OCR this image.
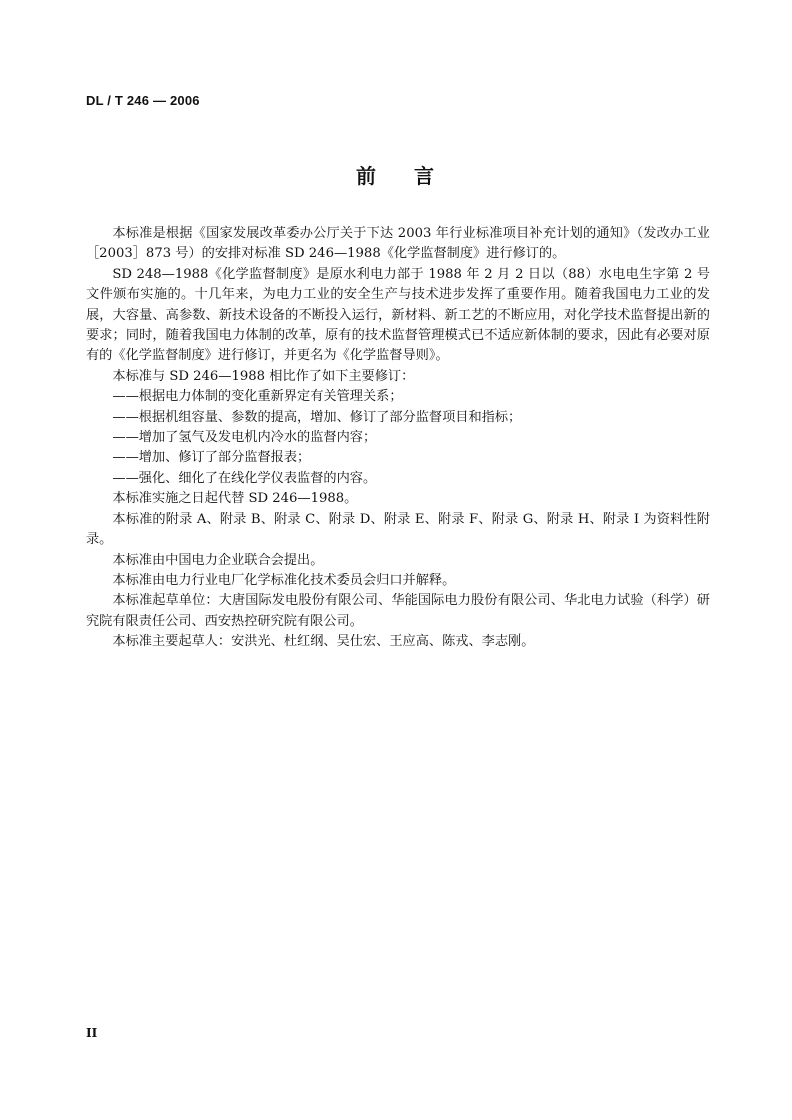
DL / T 246 — 2006
前 言

本标准是根据《国家发展改革委办公厅关于下达 2003 年行业标准项目补充计划的通知》（发改办工业［2003］873 号）的安排对标准 SD 246—1988《化学监督制度》进行修订的。

SD 248—1988《化学监督制度》是原水利电力部于 1988 年 2 月 2 日以（88）水电电生字第 2 号文件颁布实施的。十几年来，为电力工业的安全生产与技术进步发挥了重要作用。随着我国电力工业的发展，大容量、高参数、新技术设备的不断投入运行，新材料、新工艺的不断应用，对化学技术监督提出新的要求；同时，随着我国电力体制的改革，原有的技术监督管理模式已不适应新体制的要求，因此有必要对原有的《化学监督制度》进行修订，并更名为《化学监督导则》。

本标准与 SD 246—1988 相比作了如下主要修订：

——根据电力体制的变化重新界定有关管理关系；

——根据机组容量、参数的提高，增加、修订了部分监督项目和指标；

——增加了氢气及发电机内冷水的监督内容；

——增加、修订了部分监督报表；

——强化、细化了在线化学仪表监督的内容。

本标准实施之日起代替 SD 246—1988。

本标准的附录 A、附录 B、附录 C、附录 D、附录 E、附录 F、附录 G、附录 H、附录 I 为资料性附录。

本标准由中国电力企业联合会提出。

本标准由电力行业电厂化学标准化技术委员会归口并解释。

本标准起草单位：大唐国际发电股份有限公司、华能国际电力股份有限公司、华北电力试验（科学）研究院有限责任公司、西安热控研究院有限公司。

本标准主要起草人：安洪光、杜红纲、吴仕宏、王应高、陈戎、李志刚。

II
